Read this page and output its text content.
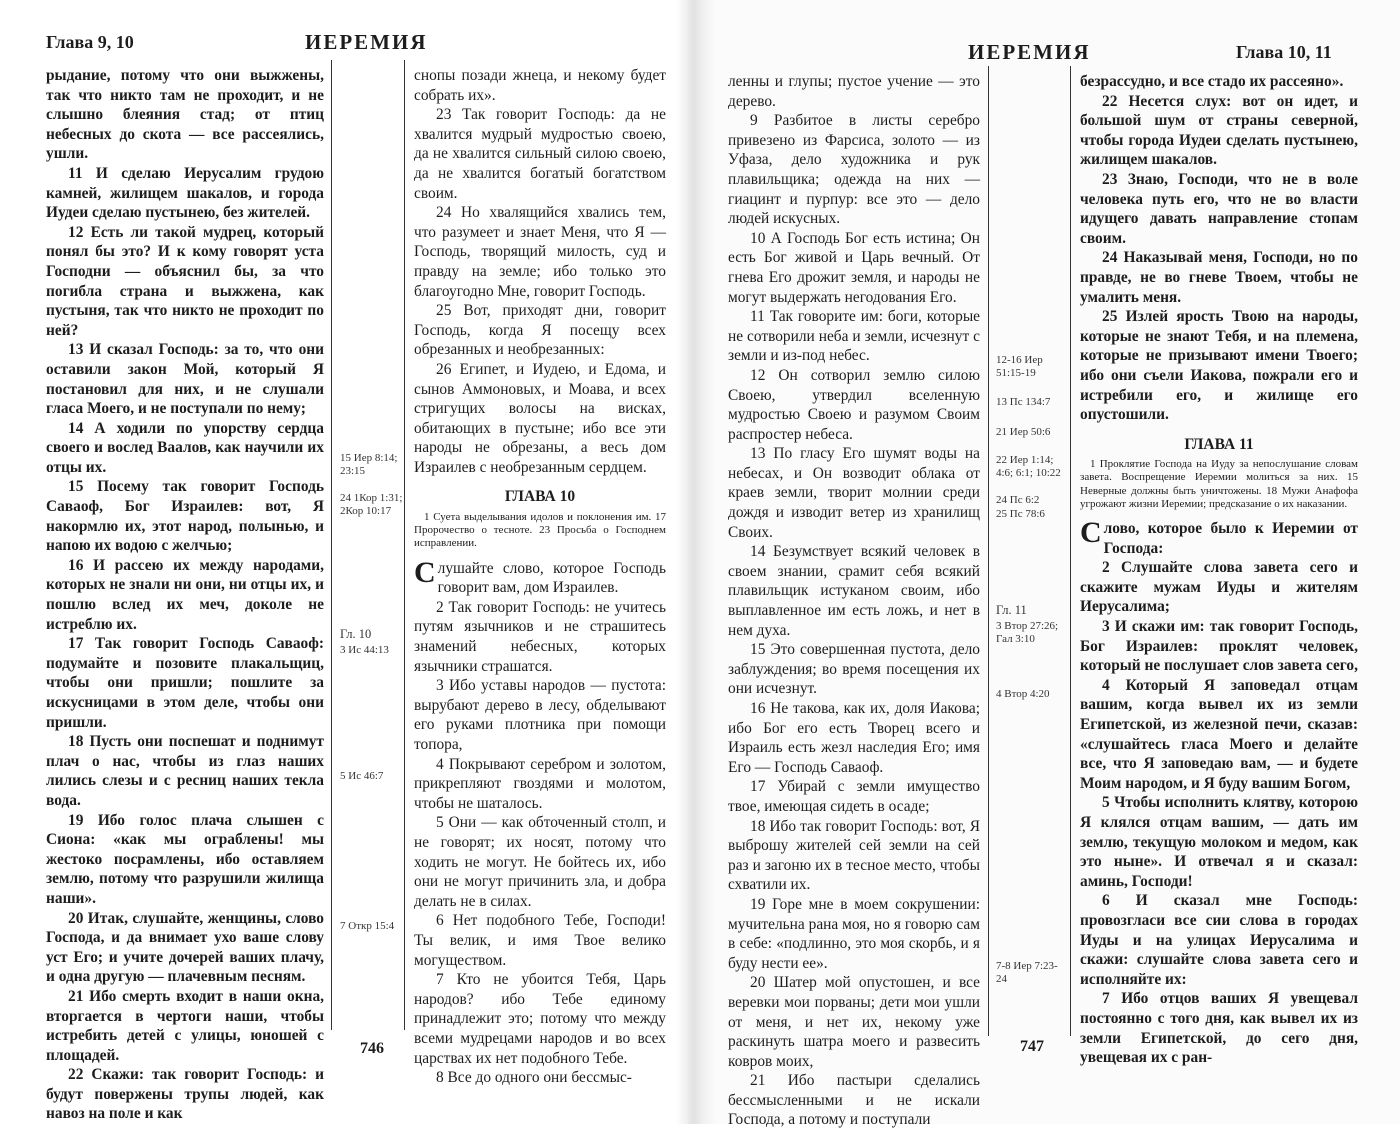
Глава 9, 10	ИЕРЕМИЯ

рыдание, потому что они выжжены, так что никто там не проходит, и не слышно блеяния стад; от птиц небесных до скота — все рассеялись, ушли.

11 И сделаю Иерусалим грудою камней, жилищем шакалов, и города Иудеи сделаю пустынею, без жителей.

12 Есть ли такой мудрец, который понял бы это? И к кому говорят уста Господни — объяснил бы, за что погибла страна и выжжена, как пустыня, так что никто не проходит по ней?

13 И сказал Господь: за то, что они оставили закон Мой, который Я постановил для них, и не слушали гласа Моего, и не поступали по нему;

14 А ходили по упорству сердца своего и вослед Ваалов, как научили их отцы их.

15 Посему так говорит Господь Саваоф, Бог Израилев: вот, Я накормлю их, этот народ, полынью, и напою их водою с желчью;

16 И рассею их между народами, которых не знали ни они, ни отцы их, и пошлю вслед их меч, доколе не истреблю их.

17 Так говорит Господь Саваоф: подумайте и позовите плакальщиц, чтобы они пришли; пошлите за искусницами в этом деле, чтобы они пришли.

18 Пусть они поспешат и поднимут плач о нас, чтобы из глаз наших лились слезы и с ресниц наших текла вода.

19 Ибо голос плача слышен с Сиона: «как мы ограблены! мы жестоко посрамлены, ибо оставляем землю, потому что разрушили жилища наши».

20 Итак, слушайте, женщины, слово Господа, и да внимает ухо ваше слову уст Его; и учите дочерей ваших плачу, и одна другую — плачевным песням.

21 Ибо смерть входит в наши окна, вторгается в чертоги наши, чтобы истребить детей с улицы, юношей с площадей.

22 Скажи: так говорит Господь: и будут повержены трупы людей, как навоз на поле и как

15 Иер 8:14; 23:15
24 1Кор 1:31; 2Кор 10:17
Гл. 10
3 Ис 44:13
5 Ис 46:7
7 Откр 15:4

снопы позади жнеца, и некому будет собрать их».

23 Так говорит Господь: да не хвалится мудрый мудростью своею, да не хвалится сильный силою своею, да не хвалится богатый богатством своим.

24 Но хвалящийся хвались тем, что разумеет и знает Меня, что Я — Господь, творящий милость, суд и правду на земле; ибо только это благоугодно Мне, говорит Господь.

25 Вот, приходят дни, говорит Господь, когда Я посещу всех обрезанных и необрезанных:

26 Египет, и Иудею, и Едома, и сынов Аммоновых, и Моава, и всех стригущих волосы на висках, обитающих в пустыне; ибо все эти народы не обрезаны, а весь дом Израилев с необрезанным сердцем.

ГЛАВА 10

1 Суета выделывания идолов и поклонения им. 17 Пророчество о тесноте. 23 Просьба о Господнем исправлении.

Слушайте слово, которое Господь говорит вам, дом Израилев.

2 Так говорит Господь: не учитесь путям язычников и не страшитесь знамений небесных, которых язычники страшатся.

3 Ибо уставы народов — пустота: вырубают дерево в лесу, обделывают его руками плотника при помощи топора,

4 Покрывают серебром и золотом, прикрепляют гвоздями и молотом, чтобы не шаталось.

5 Они — как обточенный столп, и не говорят; их носят, потому что ходить не могут. Не бойтесь их, ибо они не могут причинить зла, и добра делать не в силах.

6 Нет подобного Тебе, Господи! Ты велик, и имя Твое велико могуществом.

7 Кто не убоится Тебя, Царь народов? ибо Тебе единому принадлежит это; потому что между всеми мудрецами народов и во всех царствах их нет подобного Тебе.

8 Все до одного они бессмыс-

746
ИЕРЕМИЯ	Глава 10, 11

ленны и глупы; пустое учение — это дерево.

9 Разбитое в листы серебро привезено из Фарсиса, золото — из Уфаза, дело художника и рук плавильщика; одежда на них — гиацинт и пурпур: все это — дело людей искусных.

10 А Господь Бог есть истина; Он есть Бог живой и Царь вечный. От гнева Его дрожит земля, и народы не могут выдержать негодования Его.

11 Так говорите им: боги, которые не сотворили неба и земли, исчезнут с земли и из-под небес.

12 Он сотворил землю силою Своею, утвердил вселенную мудростью Своею и разумом Своим распростер небеса.

13 По гласу Его шумят воды на небесах, и Он возводит облака от краев земли, творит молнии среди дождя и изводит ветер из хранилищ Своих.

14 Безумствует всякий человек в своем знании, срамит себя всякий плавильщик истуканом своим, ибо выплавленное им есть ложь, и нет в нем духа.

15 Это совершенная пустота, дело заблуждения; во время посещения их они исчезнут.

16 Не такова, как их, доля Иакова; ибо Бог его есть Творец всего и Израиль есть жезл наследия Его; имя Его — Господь Саваоф.

17 Убирай с земли имущество твое, имеющая сидеть в осаде;

18 Ибо так говорит Господь: вот, Я выброшу жителей сей земли на сей раз и загоню их в тесное место, чтобы схватили их.

19 Горе мне в моем сокрушении: мучительна рана моя, но я говорю сам в себе: «подлинно, это моя скорбь, и я буду нести ее».

20 Шатер мой опустошен, и все веревки мои порваны; дети мои ушли от меня, и нет их, некому уже раскинуть шатра моего и развесить ковров моих,

21 Ибо пастыри сделались бессмысленными и не искали Господа, а потому и поступали

12-16 Иер 51:15-19
13 Пс 134:7
21 Иер 50:6
22 Иер 1:14; 4:6; 6:1; 10:22
24 Пс 6:2
25 Пс 78:6
Гл. 11
3 Втор 27:26; Гал 3:10
4 Втор 4:20
7-8 Иер 7:23-24

безрассудно, и все стадо их рассеяно».

22 Несется слух: вот он идет, и большой шум от страны северной, чтобы города Иудеи сделать пустынею, жилищем шакалов.

23 Знаю, Господи, что не в воле человека путь его, что не во власти идущего давать направление стопам своим.

24 Наказывай меня, Господи, но по правде, не во гневе Твоем, чтобы не умалить меня.

25 Излей ярость Твою на народы, которые не знают Тебя, и на племена, которые не призывают имени Твоего; ибо они съели Иакова, пожрали его и истребили его, и жилище его опустошили.

ГЛАВА 11

1 Проклятие Господа на Иуду за непослушание словам завета. Воспрещение Иеремии молиться за них. 15 Неверные должны быть уничтожены. 18 Мужи Анафофа угрожают жизни Иеремии; предсказание о их наказании.

Слово, которое было к Иеремии от Господа:

2 Слушайте слова завета сего и скажите мужам Иуды и жителям Иерусалима;

3 И скажи им: так говорит Господь, Бог Израилев: проклят человек, который не послушает слов завета сего,

4 Который Я заповедал отцам вашим, когда вывел их из земли Египетской, из железной печи, сказав: «слушайтесь гласа Моего и делайте все, что Я заповедаю вам, — и будете Моим народом, и Я буду вашим Богом,

5 Чтобы исполнить клятву, которою Я клялся отцам вашим, — дать им землю, текущую молоком и медом, как это ныне». И отвечал я и сказал: аминь, Господи!

6 И сказал мне Господь: провозгласи все сии слова в городах Иуды и на улицах Иерусалима и скажи: слушайте слова завета сего и исполняйте их:

7 Ибо отцов ваших Я увещевал постоянно с того дня, как вывел их из земли Египетской, до сего дня, увещевая их с ран-

747
